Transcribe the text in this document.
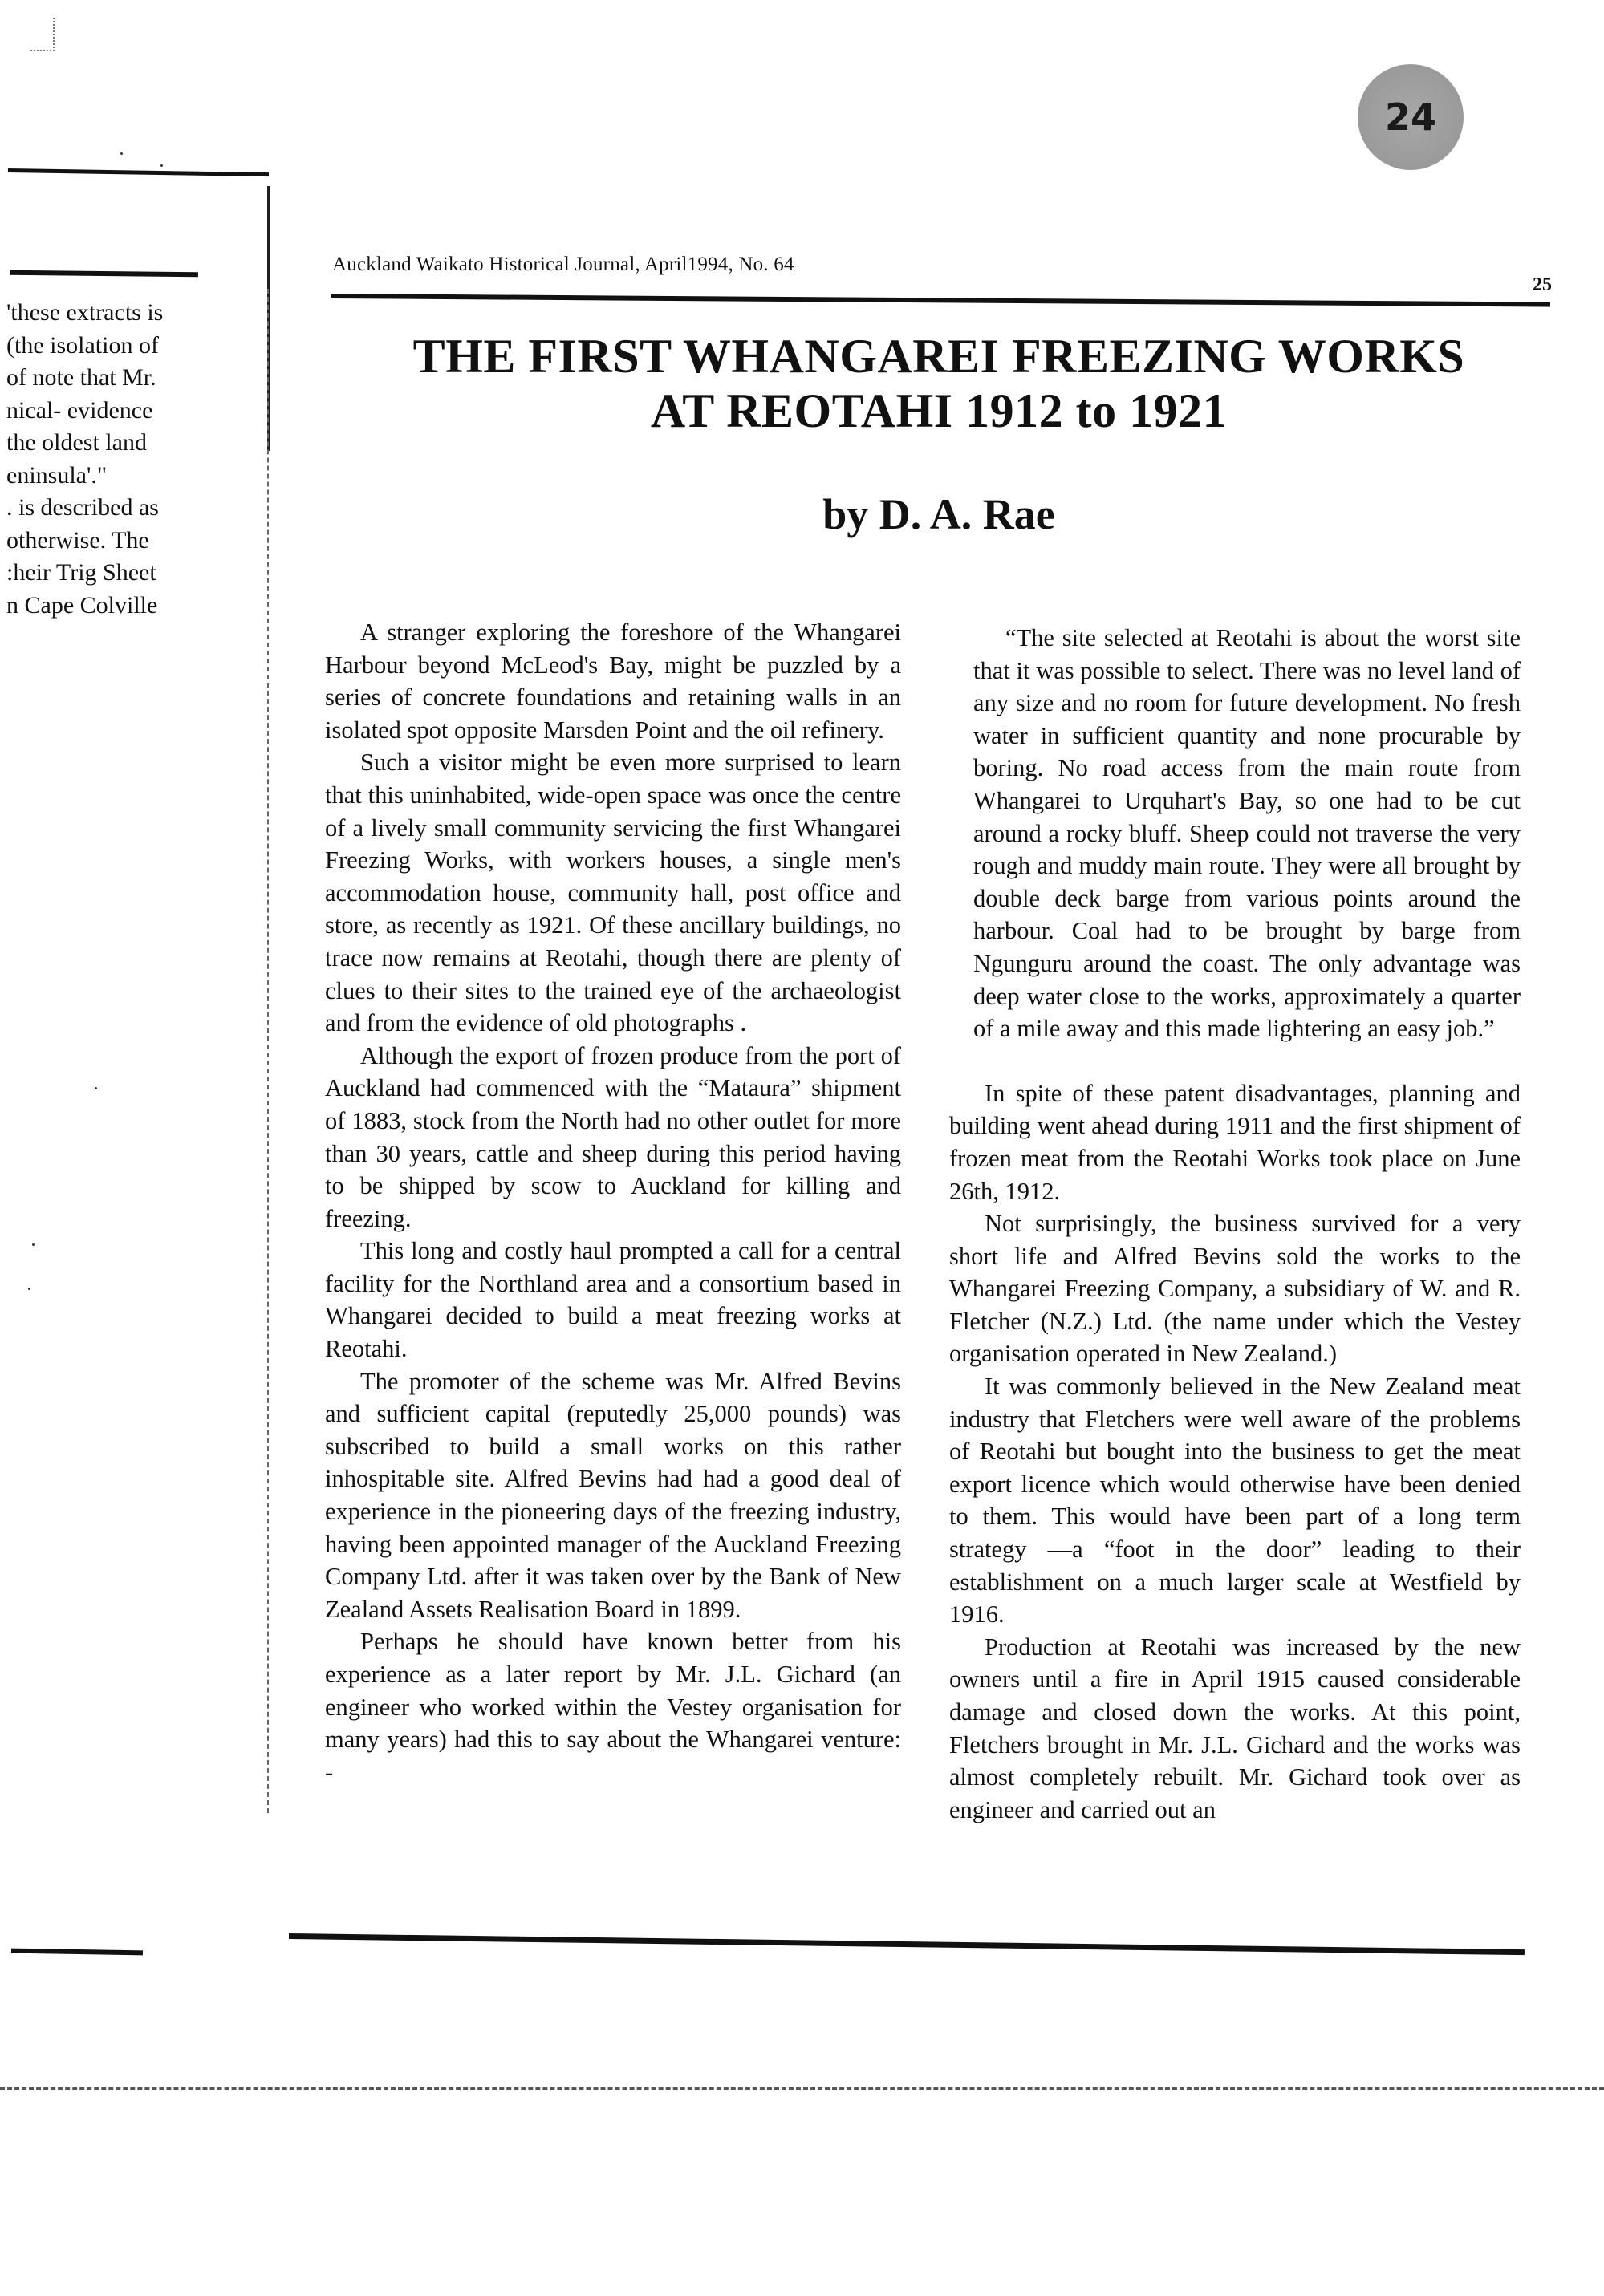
'these extracts is
(the isolation of
of note that Mr.
nical- evidence
the oldest land
eninsula'."
. is described as
otherwise. The
:heir Trig Sheet
n Cape Colville
24
Auckland Waikato Historical Journal, April1994, No. 64
25
THE FIRST WHANGAREI FREEZING WORKS
AT REOTAHI 1912 to 1921
by D. A. Rae

A stranger exploring the foreshore of the Whangarei Harbour beyond McLeod's Bay, might be puzzled by a series of concrete foundations and retaining walls in an isolated spot opposite Marsden Point and the oil refinery.

Such a visitor might be even more surprised to learn that this uninhabited, wide-open space was once the centre of a lively small community servicing the first Whangarei Freezing Works, with workers houses, a single men's accommodation house, community hall, post office and store, as recently as 1921. Of these ancillary buildings, no trace now remains at Reotahi, though there are plenty of clues to their sites to the trained eye of the archaeologist and from the evidence of old photographs .

Although the export of frozen produce from the port of Auckland had commenced with the “Mataura” shipment of 1883, stock from the North had no other outlet for more than 30 years, cattle and sheep during this period having to be shipped by scow to Auckland for killing and freezing.

This long and costly haul prompted a call for a central facility for the Northland area and a consortium based in Whangarei decided to build a meat freezing works at Reotahi.

The promoter of the scheme was Mr. Alfred Bevins and sufficient capital (reputedly 25,000 pounds) was subscribed to build a small works on this rather inhospitable site. Alfred Bevins had had a good deal of experience in the pioneering days of the freezing industry, having been appointed manager of the Auckland Freezing Company Ltd. after it was taken over by the Bank of New Zealand Assets Realisation Board in 1899.

Perhaps he should have known better from his experience as a later report by Mr. J.L. Gichard (an engineer who worked within the Vestey organisation for many years) had this to say about the Whangarei venture: -

“The site selected at Reotahi is about the worst site that it was possible to select. There was no level land of any size and no room for future development. No fresh water in sufficient quantity and none procurable by boring. No road access from the main route from Whangarei to Urquhart's Bay, so one had to be cut around a rocky bluff. Sheep could not traverse the very rough and muddy main route. They were all brought by double deck barge from various points around the harbour. Coal had to be brought by barge from Ngunguru around the coast. The only advantage was deep water close to the works, approximately a quarter of a mile away and this made lightering an easy job.”

In spite of these patent disadvantages, planning and building went ahead during 1911 and the first shipment of frozen meat from the Reotahi Works took place on June 26th, 1912.

Not surprisingly, the business survived for a very short life and Alfred Bevins sold the works to the Whangarei Freezing Company, a subsidiary of W. and R. Fletcher (N.Z.) Ltd. (the name under which the Vestey organisation operated in New Zealand.)

It was commonly believed in the New Zealand meat industry that Fletchers were well aware of the problems of Reotahi but bought into the business to get the meat export licence which would otherwise have been denied to them. This would have been part of a long term strategy —a “foot in the door” leading to their establishment on a much larger scale at Westfield by 1916.

Production at Reotahi was increased by the new owners until a fire in April 1915 caused considerable damage and closed down the works. At this point, Fletchers brought in Mr. J.L. Gichard and the works was almost completely rebuilt. Mr. Gichard took over as engineer and carried out an
